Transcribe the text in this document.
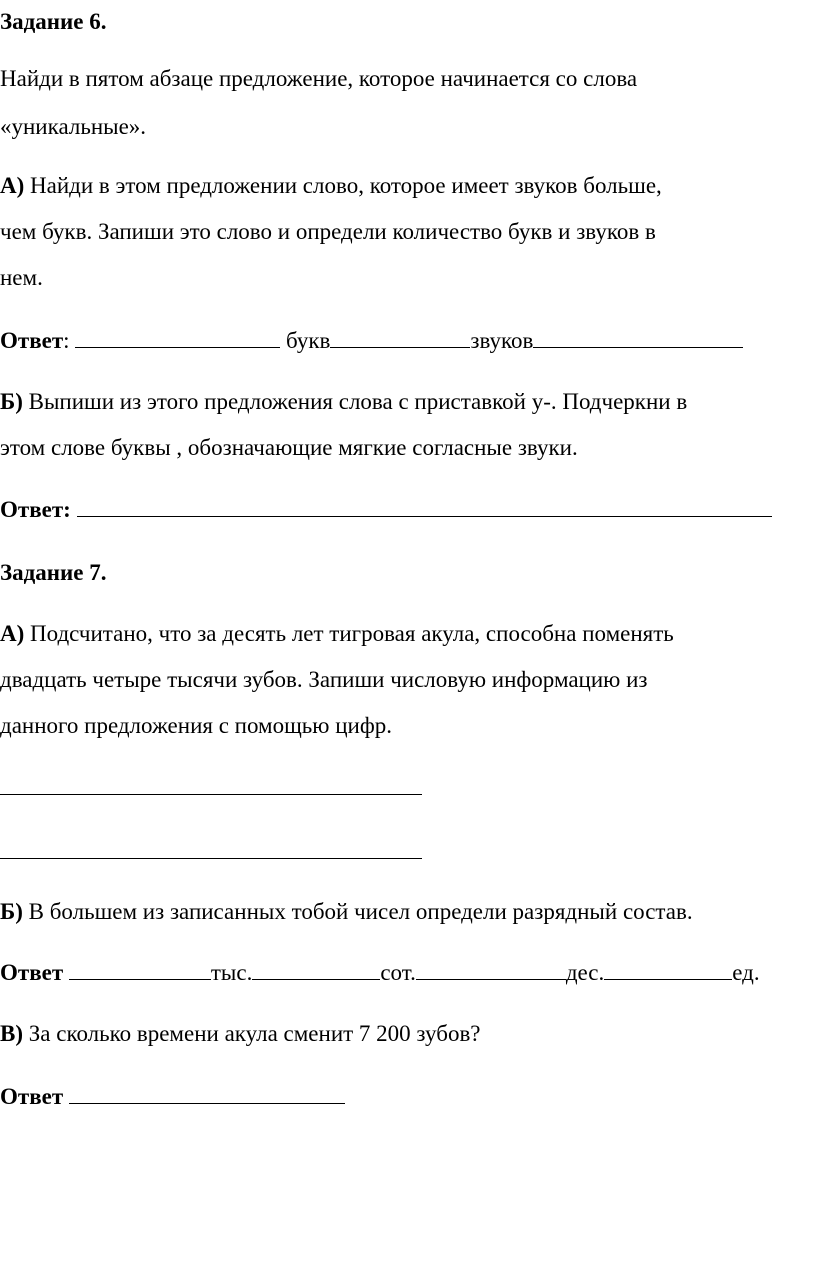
Задание 6.
Найди в пятом абзаце предложение, которое начинается со слова
«уникальные».
А) Найди в этом предложении слово, которое имеет звуков больше,
чем букв. Запиши это слово и определи количество букв и звуков в
нем.
Ответ:	букв	звуков
Б) Выпиши из этого предложения слова с приставкой у-. Подчеркни в
этом слове буквы , обозначающие мягкие согласные звуки.
Ответ:
Задание 7.
А) Подсчитано, что за десять лет тигровая акула, способна поменять
двадцать четыре тысячи зубов. Запиши числовую информацию из
данного предложения с помощью цифр.
Б) В большем из записанных тобой чисел определи разрядный состав.
Ответ	тыс.	сот.	дес.	ед.
В) За сколько времени акула сменит 7 200 зубов?
Ответ
